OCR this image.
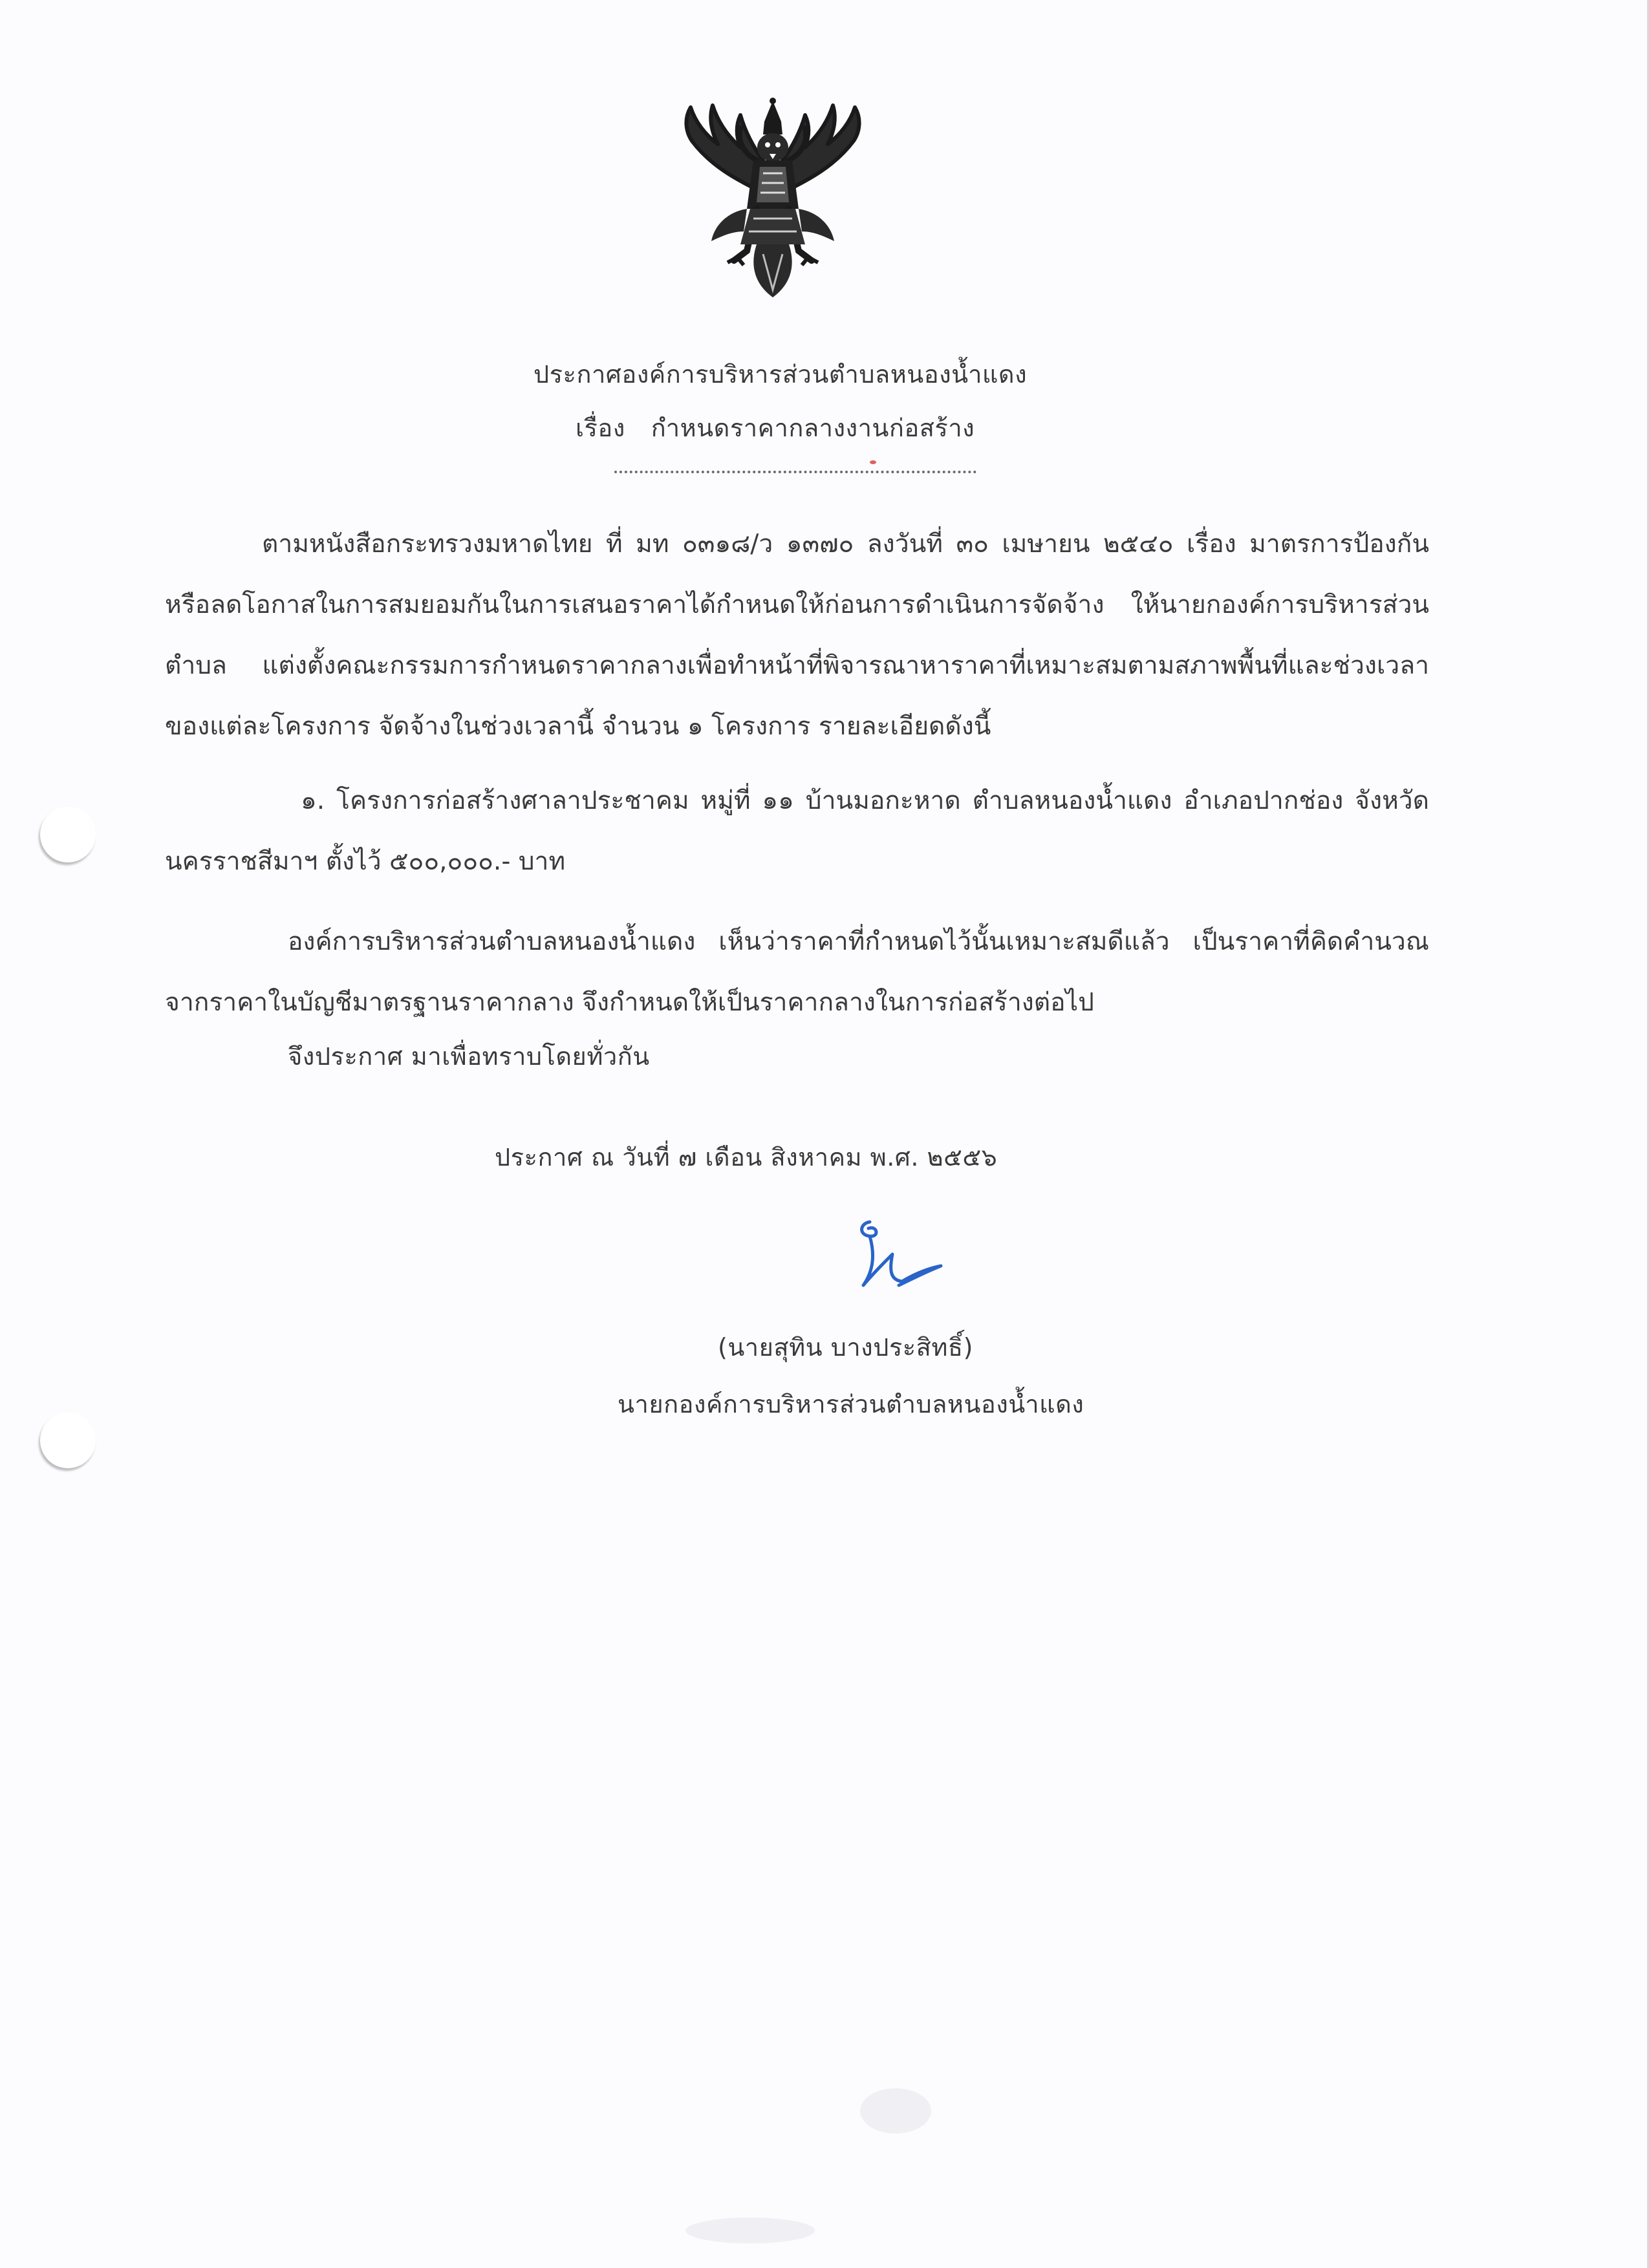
ประกาศองค์การบริหารส่วนตำบลหนองน้ำแดง
เรื่อง กำหนดราคากลางงานก่อสร้าง
ตามหนังสือกระทรวงมหาดไทย ที่ มท ๐๓๑๘/ว ๑๓๗๐ ลงวันที่ ๓๐ เมษายน ๒๕๔๐ เรื่อง มาตรการป้องกัน หรือลดโอกาสในการสมยอมกันในการเสนอราคาได้กำหนดให้ก่อนการดำเนินการจัดจ้าง ให้นายกองค์การบริหารส่วนตำบล แต่งตั้งคณะกรรมการกำหนดราคากลางเพื่อทำหน้าที่พิจารณาหาราคาที่เหมาะสมตามสภาพพื้นที่และช่วงเวลาของแต่ละโครงการ จัดจ้างในช่วงเวลานี้ จำนวน ๑ โครงการ รายละเอียดดังนี้
๑. โครงการก่อสร้างศาลาประชาคม หมู่ที่ ๑๑ บ้านมอกะหาด ตำบลหนองน้ำแดง อำเภอปากช่อง จังหวัดนครราชสีมาฯ ตั้งไว้ ๕๐๐,๐๐๐.- บาท
องค์การบริหารส่วนตำบลหนองน้ำแดง เห็นว่าราคาที่กำหนดไว้นั้นเหมาะสมดีแล้ว เป็นราคาที่คิดคำนวณจากราคาในบัญชีมาตรฐานราคากลาง จึงกำหนดให้เป็นราคากลางในการก่อสร้างต่อไป
จึงประกาศ มาเพื่อทราบโดยทั่วกัน
ประกาศ ณ วันที่ ๗ เดือน สิงหาคม พ.ศ. ๒๕๕๖
(นายสุทิน บางประสิทธิ์)
นายกองค์การบริหารส่วนตำบลหนองน้ำแดง
